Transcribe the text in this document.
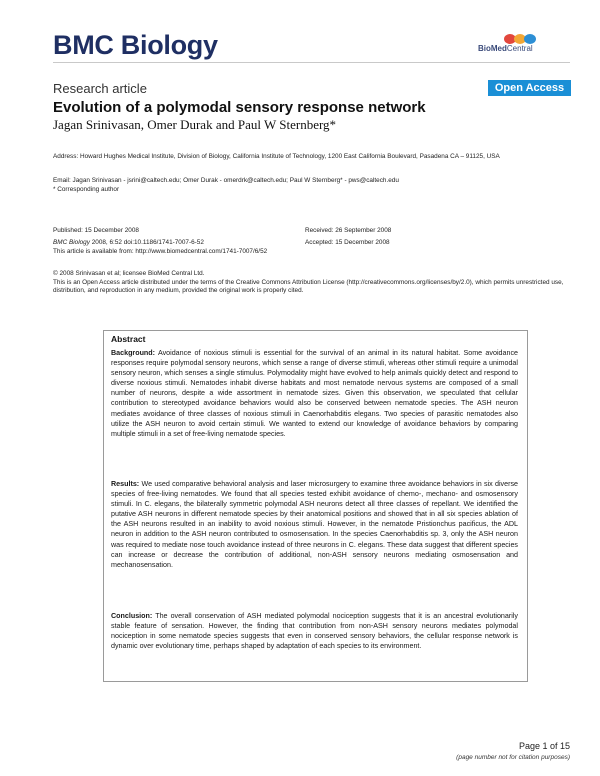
BMC Biology	BioMedCentral
Research article	Open Access
Evolution of a polymodal sensory response network
Jagan Srinivasan, Omer Durak and Paul W Sternberg*
Address: Howard Hughes Medical Institute, Division of Biology, California Institute of Technology, 1200 East California Boulevard, Pasadena CA – 91125, USA
Email: Jagan Srinivasan - jsrini@caltech.edu; Omer Durak - omerdrk@caltech.edu; Paul W Sternberg* - pws@caltech.edu
* Corresponding author
Published: 15 December 2008
BMC Biology 2008, 6:52 doi:10.1186/1741-7007-6-52
Received: 26 September 2008
Accepted: 15 December 2008
This article is available from: http://www.biomedcentral.com/1741-7007/6/52
© 2008 Srinivasan et al; licensee BioMed Central Ltd.
This is an Open Access article distributed under the terms of the Creative Commons Attribution License (http://creativecommons.org/licenses/by/2.0), which permits unrestricted use, distribution, and reproduction in any medium, provided the original work is properly cited.
Abstract
Background: Avoidance of noxious stimuli is essential for the survival of an animal in its natural habitat. Some avoidance responses require polymodal sensory neurons, which sense a range of diverse stimuli, whereas other stimuli require a unimodal sensory neuron, which senses a single stimulus. Polymodality might have evolved to help animals quickly detect and respond to diverse noxious stimuli. Nematodes inhabit diverse habitats and most nematode nervous systems are composed of a small number of neurons, despite a wide assortment in nematode sizes. Given this observation, we speculated that cellular contribution to stereotyped avoidance behaviors would also be conserved between nematode species. The ASH neuron mediates avoidance of three classes of noxious stimuli in Caenorhabditis elegans. Two species of parasitic nematodes also utilize the ASH neuron to avoid certain stimuli. We wanted to extend our knowledge of avoidance behaviors by comparing multiple stimuli in a set of free-living nematode species.
Results: We used comparative behavioral analysis and laser microsurgery to examine three avoidance behaviors in six diverse species of free-living nematodes. We found that all species tested exhibit avoidance of chemo-, mechano- and osmosensory stimuli. In C. elegans, the bilaterally symmetric polymodal ASH neurons detect all three classes of repellant. We identified the putative ASH neurons in different nematode species by their anatomical positions and showed that in all six species ablation of the ASH neurons resulted in an inability to avoid noxious stimuli. However, in the nematode Pristionchus pacificus, the ADL neuron in addition to the ASH neuron contributed to osmosensation. In the species Caenorhabditis sp. 3, only the ASH neuron was required to mediate nose touch avoidance instead of three neurons in C. elegans. These data suggest that different species can increase or decrease the contribution of additional, non-ASH sensory neurons mediating osmosensation and mechanosensation.
Conclusion: The overall conservation of ASH mediated polymodal nociception suggests that it is an ancestral evolutionarily stable feature of sensation. However, the finding that contribution from non-ASH sensory neurons mediates polymodal nociception in some nematode species suggests that even in conserved sensory behaviors, the cellular response network is dynamic over evolutionary time, perhaps shaped by adaptation of each species to its environment.
Page 1 of 15
(page number not for citation purposes)
